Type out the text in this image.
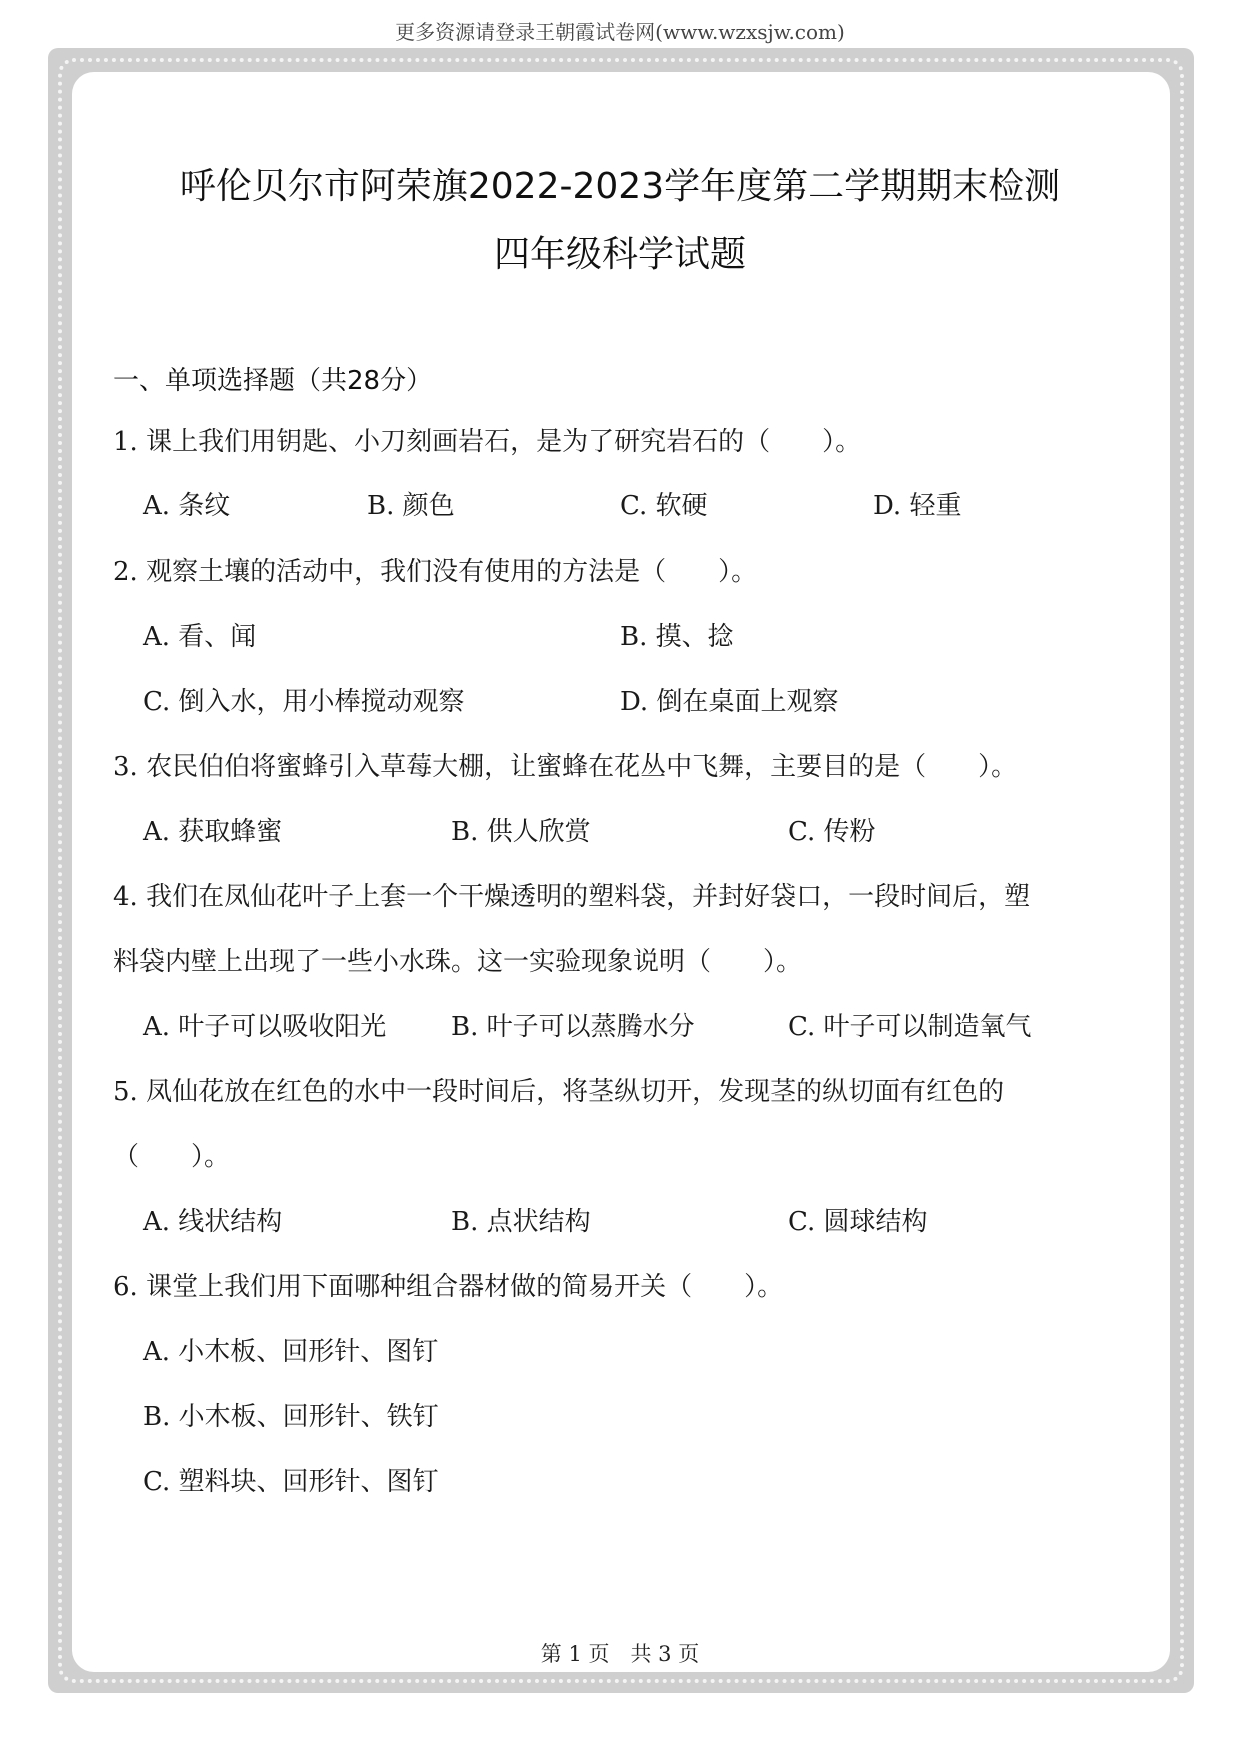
更多资源请登录王朝霞试卷网(www.wzxsjw.com)
呼伦贝尔市阿荣旗2022-2023学年度第二学期期末检测
四年级科学试题
一、单项选择题（共28分）
1. 课上我们用钥匙、小刀刻画岩石，是为了研究岩石的（　　）。
A. 条纹	B. 颜色	C. 软硬	D. 轻重
2. 观察土壤的活动中，我们没有使用的方法是（　　）。
A. 看、闻	B. 摸、捻
C. 倒入水，用小棒搅动观察	D. 倒在桌面上观察
3. 农民伯伯将蜜蜂引入草莓大棚，让蜜蜂在花丛中飞舞，主要目的是（　　）。
A. 获取蜂蜜	B. 供人欣赏	C. 传粉
4. 我们在凤仙花叶子上套一个干燥透明的塑料袋，并封好袋口，一段时间后，塑
料袋内壁上出现了一些小水珠。这一实验现象说明（　　）。
A. 叶子可以吸收阳光 B. 叶子可以蒸腾水分	C. 叶子可以制造氧气
5. 凤仙花放在红色的水中一段时间后，将茎纵切开，发现茎的纵切面有红色的
（　　）。
A. 线状结构	B. 点状结构	C. 圆球结构
6. 课堂上我们用下面哪种组合器材做的简易开关（　　）。
A. 小木板、回形针、图钉
B. 小木板、回形针、铁钉
C. 塑料块、回形针、图钉
第 1 页　共 3 页
